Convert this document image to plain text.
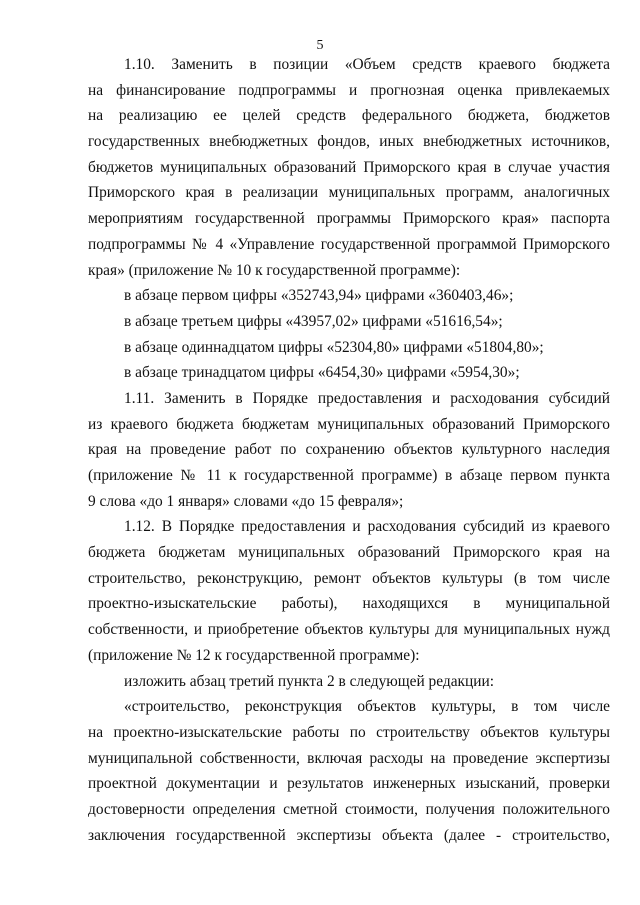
5
1.10. Заменить в позиции «Объем средств краевого бюджета
на финансирование подпрограммы и прогнозная оценка привлекаемых
на реализацию ее целей средств федерального бюджета, бюджетов
государственных внебюджетных фондов, иных внебюджетных источников,
бюджетов муниципальных образований Приморского края в случае участия
Приморского края в реализации муниципальных программ, аналогичных
мероприятиям государственной программы Приморского края» паспорта
подпрограммы № 4 «Управление государственной программой Приморского
края» (приложение № 10 к государственной программе):
в абзаце первом цифры «352743,94» цифрами «360403,46»;
в абзаце третьем цифры «43957,02» цифрами «51616,54»;
в абзаце одиннадцатом цифры «52304,80» цифрами «51804,80»;
в абзаце тринадцатом цифры «6454,30» цифрами «5954,30»;
1.11. Заменить в Порядке предоставления и расходования субсидий
из краевого бюджета бюджетам муниципальных образований Приморского
края на проведение работ по сохранению объектов культурного наследия
(приложение № 11 к государственной программе) в абзаце первом пункта
9 слова «до 1 января» словами «до 15 февраля»;
1.12. В Порядке предоставления и расходования субсидий из краевого
бюджета бюджетам муниципальных образований Приморского края на
строительство, реконструкцию, ремонт объектов культуры (в том числе
проектно-изыскательские работы), находящихся в муниципальной
собственности, и приобретение объектов культуры для муниципальных нужд
(приложение № 12 к государственной программе):
изложить абзац третий пункта 2 в следующей редакции:
«строительство, реконструкция объектов культуры, в том числе
на проектно-изыскательские работы по строительству объектов культуры
муниципальной собственности, включая расходы на проведение экспертизы
проектной документации и результатов инженерных изысканий, проверки
достоверности определения сметной стоимости, получения положительного
заключения государственной экспертизы объекта (далее - строительство,
